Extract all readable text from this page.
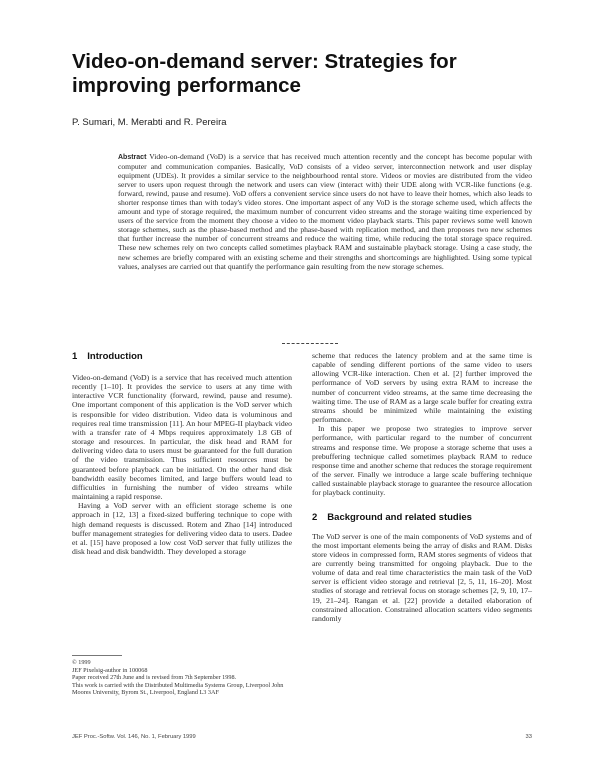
Video-on-demand server: Strategies for improving performance
P. Sumari, M. Merabti and R. Pereira
Abstract Video-on-demand (VoD) is a service that has received much attention recently and the concept has become popular with computer and communication companies. Basically, VoD consists of a video server, interconnection network and user display equipment (UDEs). It provides a similar service to the neighbourhood rental store. Videos or movies are distributed from the video server to users upon request through the network and users can view (interact with) their UDE along with VCR-like functions (e.g. forward, rewind, pause and resume). VoD offers a convenient service since users do not have to leave their homes, which also leads to shorter response times than with today's video stores. One important aspect of any VoD is the storage scheme used, which affects the amount and type of storage required, the maximum number of concurrent video streams and the storage waiting time experienced by users of the service from the moment they choose a video to the moment video playback starts. This paper reviews some well known storage schemes, such as the phase-based method and the phase-based with replication method, and then proposes two new schemes that further increase the number of concurrent streams and reduce the waiting time, while reducing the total storage space required. These new schemes rely on two concepts called sometimes playback RAM and sustainable playback storage. Using a case study, the new schemes are briefly compared with an existing scheme and their strengths and shortcomings are highlighted. Using some typical values, analyses are carried out that quantify the performance gain resulting from the new storage schemes.
1 Introduction

Video-on-demand (VoD) is a service that has received much attention recently [1–10]. It provides the service to users at any time with interactive VCR functionality (forward, rewind, pause and resume). One important component of this application is the VoD server which is responsible for video distribution. Video data is voluminous and requires real time transmission [11]. An hour MPEG-II playback video with a transfer rate of 4 Mbps requires approximately 1.8 GB of storage and resources. In particular, the disk head and RAM for delivering video data to users must be guaranteed for the full duration of the video transmission. Thus sufficient resources must be guaranteed before playback can be initiated. On the other hand disk bandwidth easily becomes limited, and large buffers would lead to difficulties in furnishing the number of video streams while maintaining a rapid response.

Having a VoD server with an efficient storage scheme is one approach in [12, 13] a fixed-sized buffering technique to cope with high demand requests is discussed. Rotem and Zhao [14] introduced buffer management strategies for delivering video data to users. Dadee et al. [15] have proposed a low cost VoD server that fully utilizes the disk head and disk bandwidth. They developed a storage

scheme that reduces the latency problem and at the same time is capable of sending different portions of the same video to users allowing VCR-like interaction. Chen et al. [2] further improved the performance of VoD servers by using extra RAM to increase the number of concurrent video streams, at the same time decreasing the waiting time. The use of RAM as a large scale buffer for creating extra streams should be minimized while maintaining the existing performance.

In this paper we propose two strategies to improve server performance, with particular regard to the number of concurrent streams and response time. We propose a storage scheme that uses a prebuffering technique called sometimes playback RAM to reduce response time and another scheme that reduces the storage requirement of the server. Finally we introduce a large scale buffering technique called sustainable playback storage to guarantee the resource allocation for playback continuity.

2 Background and related studies

The VoD server is one of the main components of VoD systems and of the most important elements being the array of disks and RAM. Disks store videos in compressed form, RAM stores segments of videos that are currently being transmitted for ongoing playback. Due to the volume of data and real time characteristics the main task of the VoD server is efficient video storage and retrieval [2, 5, 11, 16–20]. Most studies of storage and retrieval focus on storage schemes [2, 9, 10, 17–19, 21–24]. Rangan et al. [22] provide a detailed elaboration of constrained allocation. Constrained allocation scatters video segments randomly

© 1999

JEF Pixelsig-author in 100068

Paper received 27th June and is revised from 7th September 1998.

This work is carried with the Distributed Multimedia Systems Group, Liverpool John Moores University, Byrom St., Liverpool, England L3 3AF

JEF Proc.-Softw. Vol. 146, No. 1, February 1999	33
